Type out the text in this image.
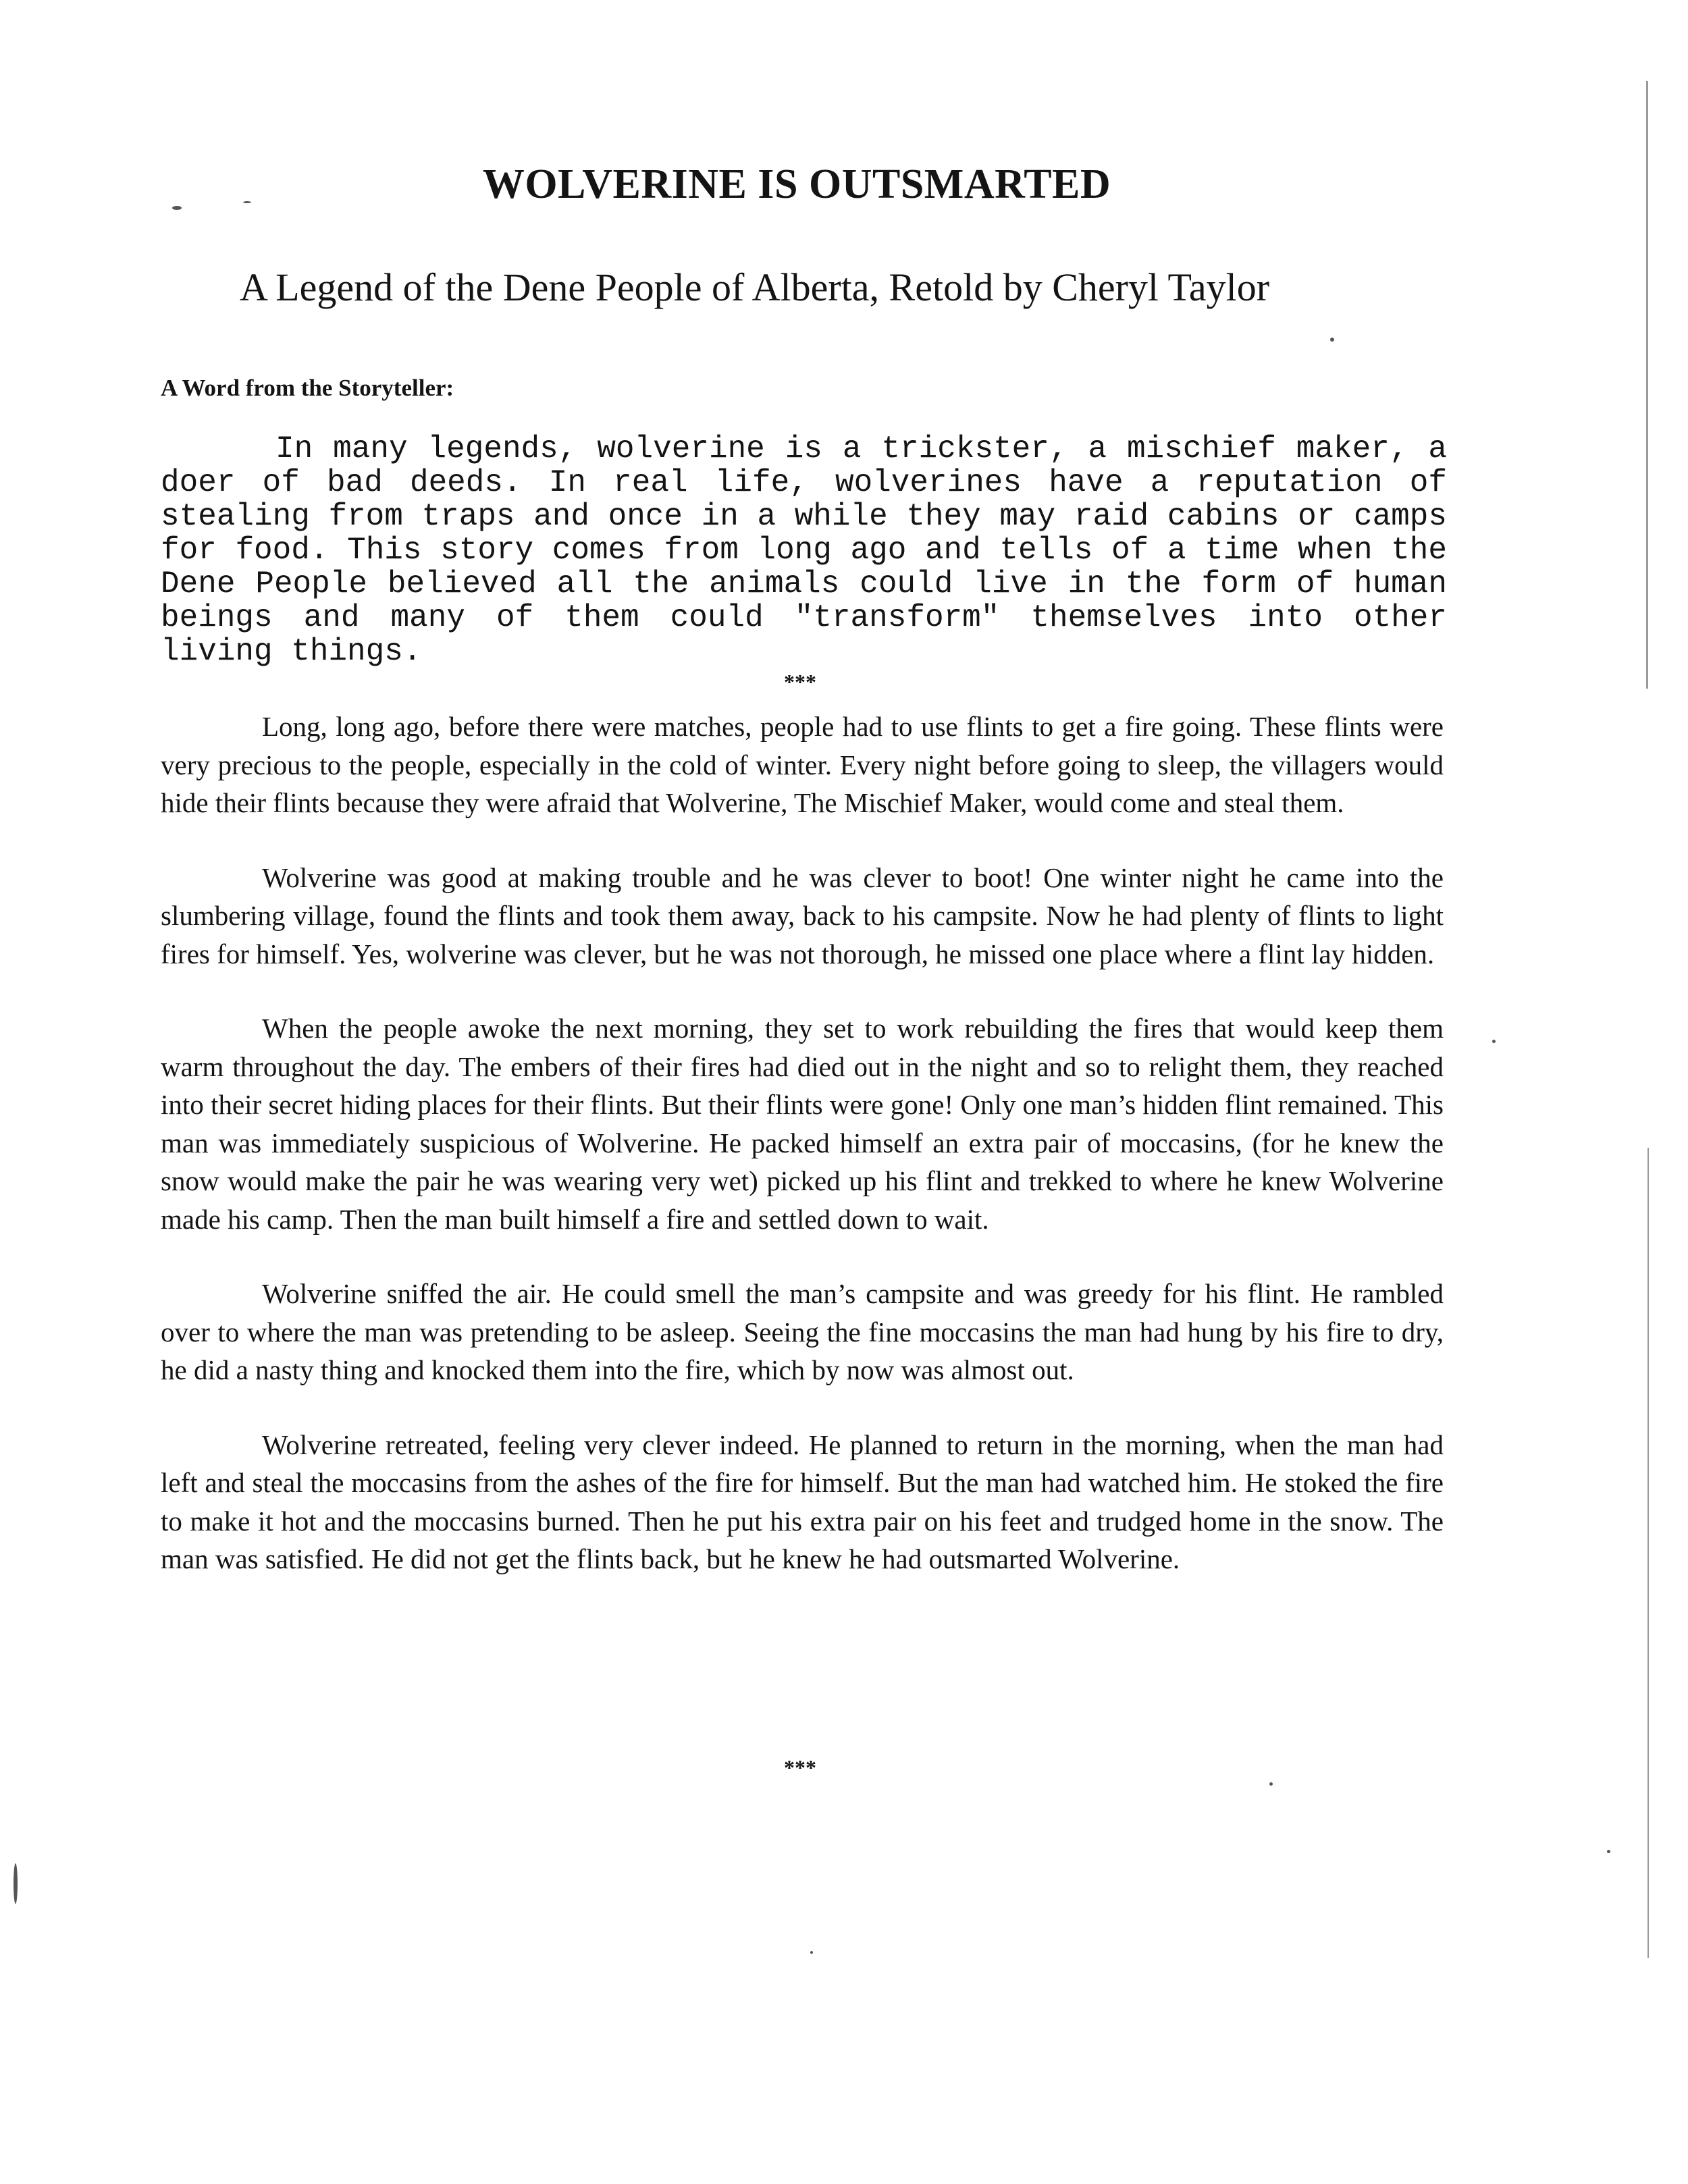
WOLVERINE IS OUTSMARTED
A Legend of the Dene People of Alberta, Retold by Cheryl Taylor
A Word from the Storyteller:

In many legends, wolverine is a trickster, a mischief maker, a doer of bad deeds. In real life, wolverines have a reputation of stealing from traps and once in a while they may raid cabins or camps for food. This story comes from long ago and tells of a time when the Dene People believed all the animals could live in the form of human beings and many of them could "transform" themselves into other living things.

***

Long, long ago, before there were matches, people had to use flints to get a fire going. These flints were very precious to the people, especially in the cold of winter. Every night before going to sleep, the villagers would hide their flints because they were afraid that Wolverine, The Mischief Maker, would come and steal them.

Wolverine was good at making trouble and he was clever to boot! One winter night he came into the slumbering village, found the flints and took them away, back to his campsite. Now he had plenty of flints to light fires for himself. Yes, wolverine was clever, but he was not thorough, he missed one place where a flint lay hidden.

When the people awoke the next morning, they set to work rebuilding the fires that would keep them warm throughout the day. The embers of their fires had died out in the night and so to relight them, they reached into their secret hiding places for their flints. But their flints were gone! Only one man’s hidden flint remained. This man was immediately suspicious of Wolverine. He packed himself an extra pair of moccasins, (for he knew the snow would make the pair he was wearing very wet) picked up his flint and trekked to where he knew Wolverine made his camp. Then the man built himself a fire and settled down to wait.

Wolverine sniffed the air. He could smell the man’s campsite and was greedy for his flint. He rambled over to where the man was pretending to be asleep. Seeing the fine moccasins the man had hung by his fire to dry, he did a nasty thing and knocked them into the fire, which by now was almost out.

Wolverine retreated, feeling very clever indeed. He planned to return in the morning, when the man had left and steal the moccasins from the ashes of the fire for himself. But the man had watched him. He stoked the fire to make it hot and the moccasins burned. Then he put his extra pair on his feet and trudged home in the snow. The man was satisfied. He did not get the flints back, but he knew he had outsmarted Wolverine.

***
